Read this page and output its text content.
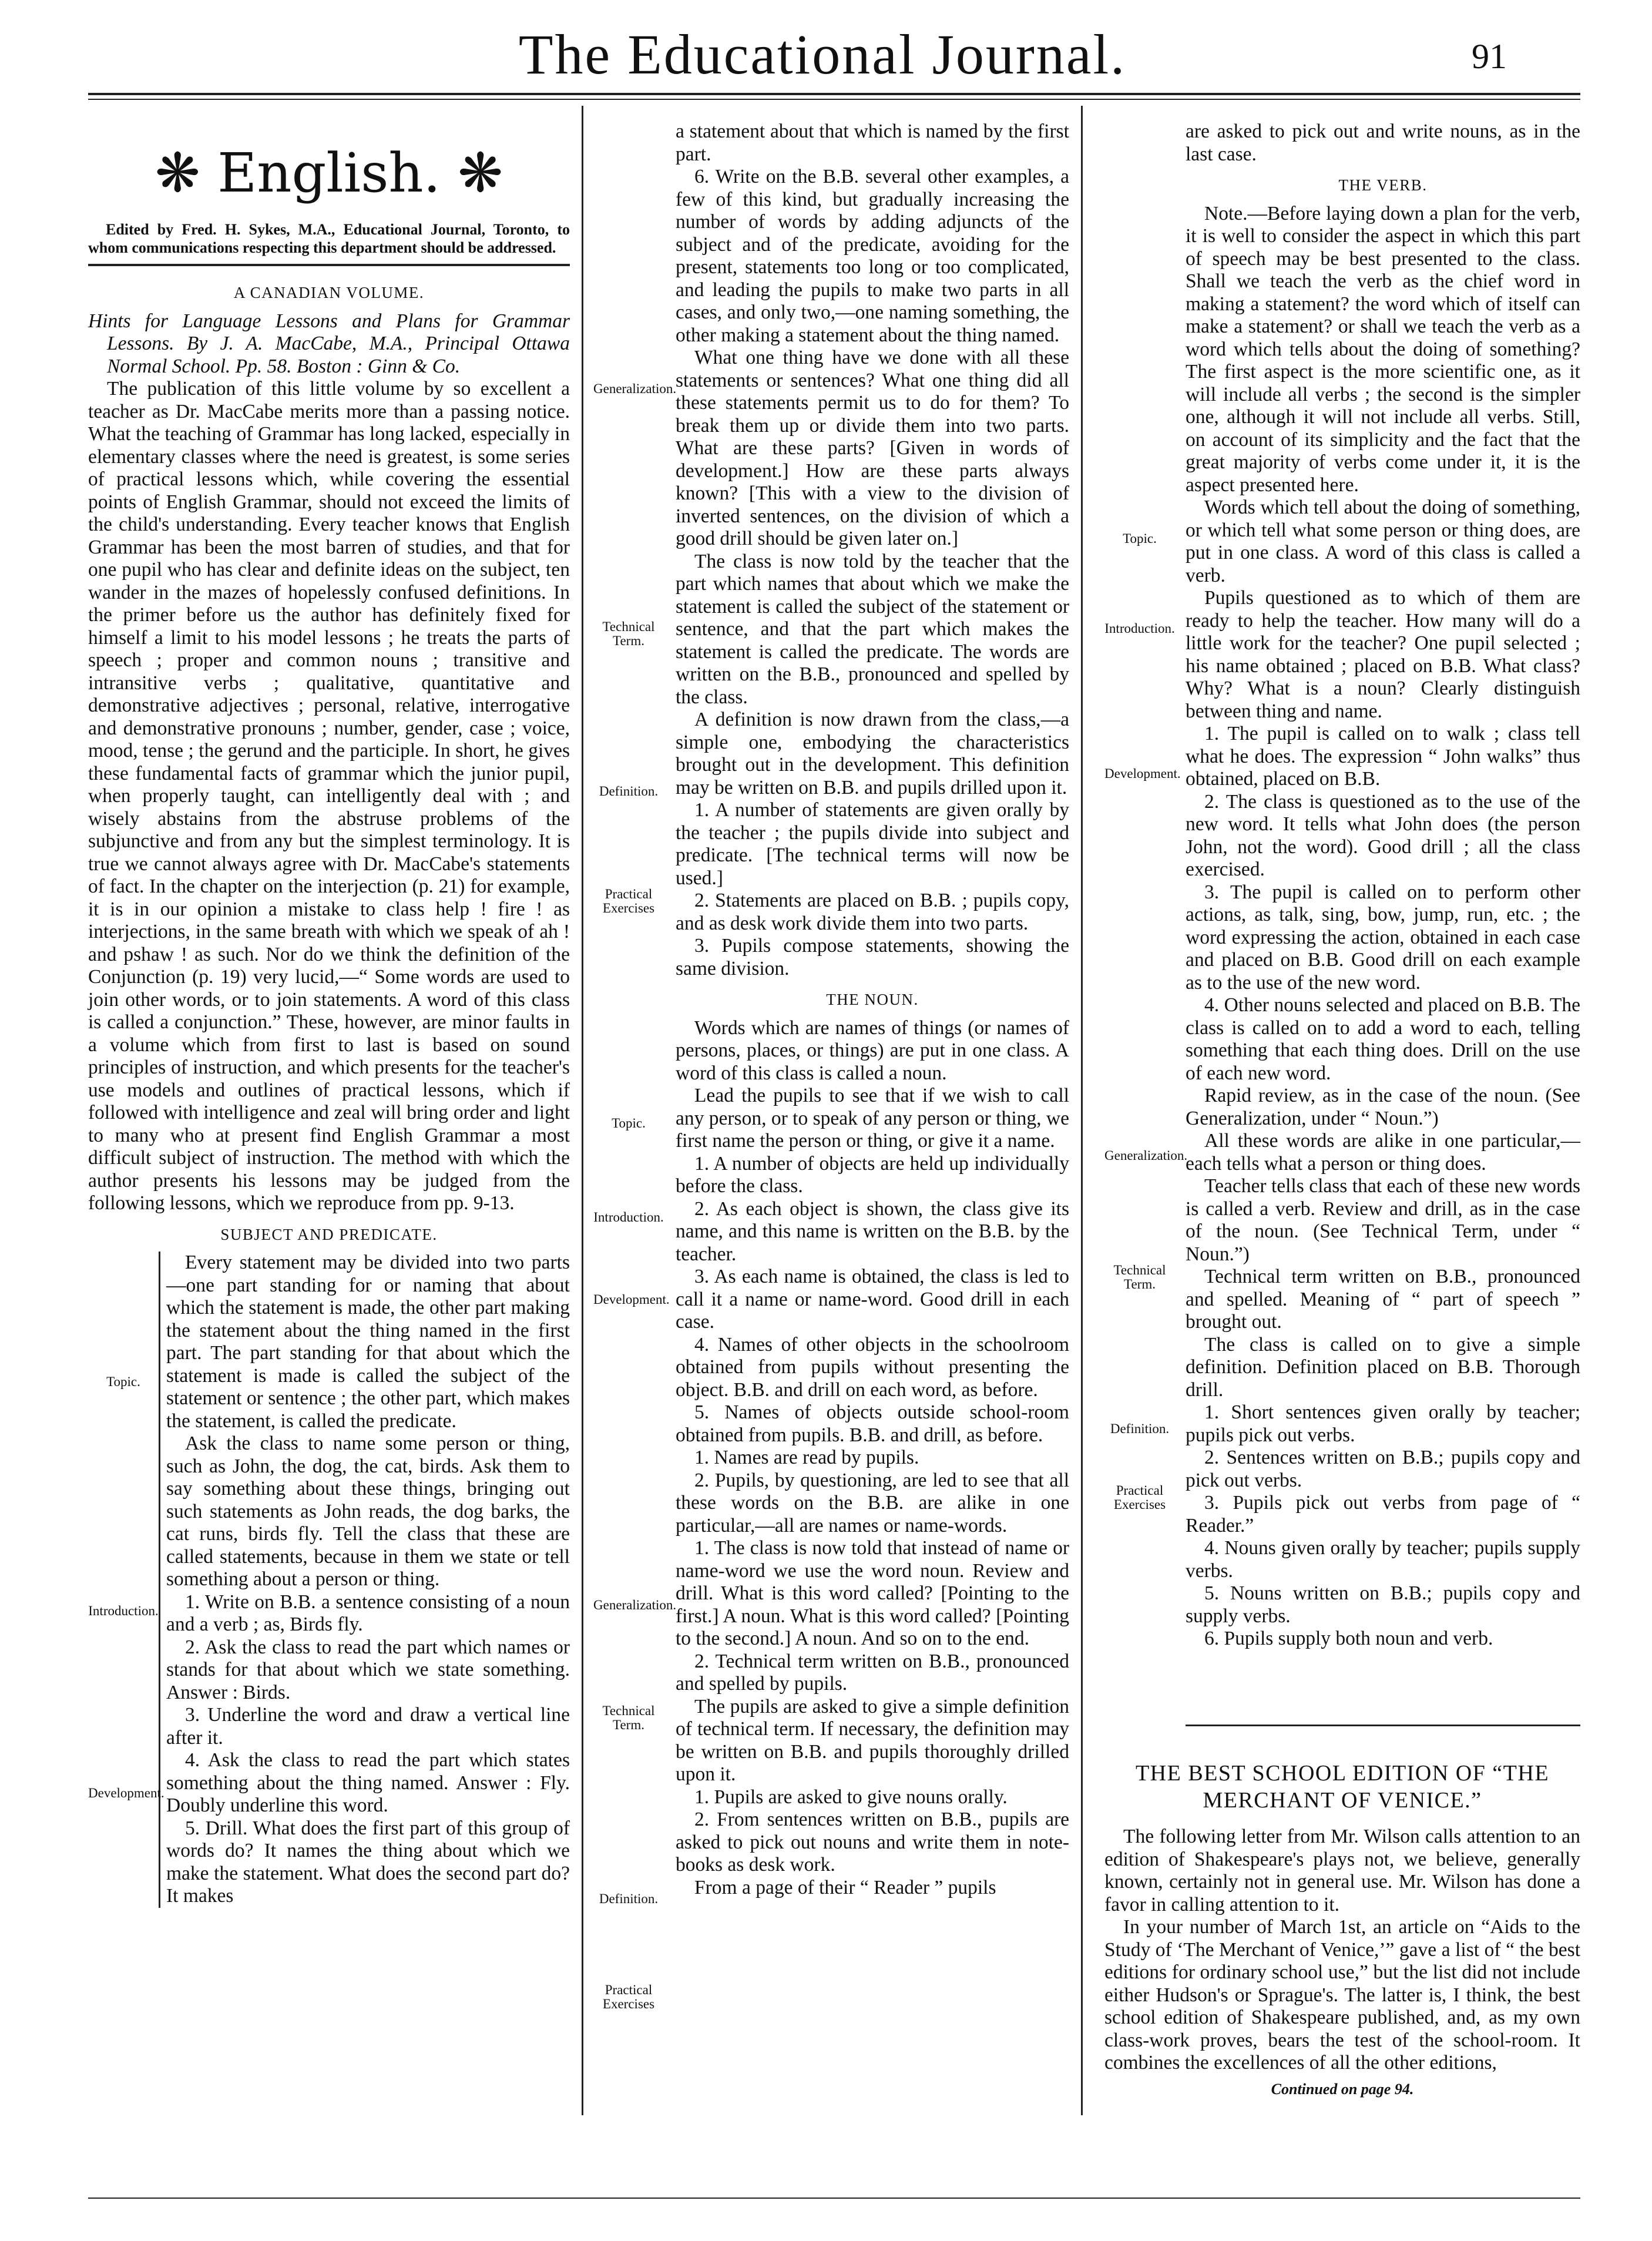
The Educational Journal.	91
❋ English. ❋

Edited by Fred. H. Sykes, M.A., Educational Journal, Toronto, to whom communications respecting this department should be addressed.

A CANADIAN VOLUME.

Hints for Language Lessons and Plans for Grammar Lessons. By J. A. MacCabe, M.A., Principal Ottawa Normal School. Pp. 58. Boston : Ginn & Co.

The publication of this little volume by so excellent a teacher as Dr. MacCabe merits more than a passing notice. What the teaching of Grammar has long lacked, especially in elementary classes where the need is greatest, is some series of practical lessons which, while covering the essential points of English Grammar, should not exceed the limits of the child's understanding. Every teacher knows that English Grammar has been the most barren of studies, and that for one pupil who has clear and definite ideas on the subject, ten wander in the mazes of hopelessly confused definitions. In the primer before us the author has definitely fixed for himself a limit to his model lessons ; he treats the parts of speech ; proper and common nouns ; transitive and intransitive verbs ; qualitative, quantitative and demonstrative adjectives ; personal, relative, interrogative and demonstrative pronouns ; number, gender, case ; voice, mood, tense ; the gerund and the participle. In short, he gives these fundamental facts of grammar which the junior pupil, when properly taught, can intelligently deal with ; and wisely abstains from the abstruse problems of the subjunctive and from any but the simplest terminology. It is true we cannot always agree with Dr. MacCabe's statements of fact. In the chapter on the interjection (p. 21) for example, it is in our opinion a mistake to class help ! fire ! as interjections, in the same breath with which we speak of ah ! and pshaw ! as such. Nor do we think the definition of the Conjunction (p. 19) very lucid,—“ Some words are used to join other words, or to join statements. A word of this class is called a conjunction.” These, however, are minor faults in a volume which from first to last is based on sound principles of instruction, and which presents for the teacher's use models and outlines of practical lessons, which if followed with intelligence and zeal will bring order and light to many who at present find English Grammar a most difficult subject of instruction. The method with which the author presents his lessons may be judged from the following lessons, which we reproduce from pp. 9-13.

SUBJECT AND PREDICATE.

Every statement may be divided into two parts—one part standing for or naming that about which the statement is made, the other part making the statement about the thing named in the first part. The part standing for that about which the statement is made is called the subject of the statement or sentence ; the other part, which makes the statement, is called the predicate.

Ask the class to name some person or thing, such as John, the dog, the cat, birds. Ask them to say something about these things, bringing out such statements as John reads, the dog barks, the cat runs, birds fly. Tell the class that these are called statements, because in them we state or tell something about a person or thing.

1. Write on B.B. a sentence consisting of a noun and a verb ; as, Birds fly.

2. Ask the class to read the part which names or stands for that about which we state something. Answer : Birds.

3. Underline the word and draw a vertical line after it.

4. Ask the class to read the part which states something about the thing named. Answer : Fly. Doubly underline this word.

5. Drill. What does the first part of this group of words do? It names the thing about which we make the statement. What does the second part do? It makes

Topic.
Introduction.
Development.

a statement about that which is named by the first part.

6. Write on the B.B. several other examples, a few of this kind, but gradually increasing the number of words by adding adjuncts of the subject and of the predicate, avoiding for the present, statements too long or too complicated, and leading the pupils to make two parts in all cases, and only two,—one naming something, the other making a statement about the thing named.

What one thing have we done with all these statements or sentences? What one thing did all these statements permit us to do for them? To break them up or divide them into two parts. What are these parts? [Given in words of development.] How are these parts always known? [This with a view to the division of inverted sentences, on the division of which a good drill should be given later on.]

The class is now told by the teacher that the part which names that about which we make the statement is called the subject of the statement or sentence, and that the part which makes the statement is called the predicate. The words are written on the B.B., pronounced and spelled by the class.

A definition is now drawn from the class,—a simple one, embodying the characteristics brought out in the development. This definition may be written on B.B. and pupils drilled upon it.

1. A number of statements are given orally by the teacher ; the pupils divide into subject and predicate. [The technical terms will now be used.]

2. Statements are placed on B.B. ; pupils copy, and as desk work divide them into two parts.

3. Pupils compose statements, showing the same division.

THE NOUN.

Words which are names of things (or names of persons, places, or things) are put in one class. A word of this class is called a noun.

Lead the pupils to see that if we wish to call any person, or to speak of any person or thing, we first name the person or thing, or give it a name.

1. A number of objects are held up individually before the class.

2. As each object is shown, the class give its name, and this name is written on the B.B. by the teacher.

3. As each name is obtained, the class is led to call it a name or name-word. Good drill in each case.

4. Names of other objects in the schoolroom obtained from pupils without presenting the object. B.B. and drill on each word, as before.

5. Names of objects outside school-room obtained from pupils. B.B. and drill, as before.

1. Names are read by pupils.

2. Pupils, by questioning, are led to see that all these words on the B.B. are alike in one particular,—all are names or name-words.

1. The class is now told that instead of name or name-word we use the word noun. Review and drill. What is this word called? [Pointing to the first.] A noun. What is this word called? [Pointing to the second.] A noun. And so on to the end.

2. Technical term written on B.B., pronounced and spelled by pupils.

The pupils are asked to give a simple definition of technical term. If necessary, the definition may be written on B.B. and pupils thoroughly drilled upon it.

1. Pupils are asked to give nouns orally.

2. From sentences written on B.B., pupils are asked to pick out nouns and write them in note-books as desk work.

From a page of their “ Reader ” pupils

Generalization.
Technical Term.
Definition.
Practical Exercises
Topic.
Introduction.
Development.
Generalization.
Technical Term.
Definition.
Practical Exercises

are asked to pick out and write nouns, as in the last case.

THE VERB.

Note.—Before laying down a plan for the verb, it is well to consider the aspect in which this part of speech may be best presented to the class. Shall we teach the verb as the chief word in making a statement? the word which of itself can make a statement? or shall we teach the verb as a word which tells about the doing of something? The first aspect is the more scientific one, as it will include all verbs ; the second is the simpler one, although it will not include all verbs. Still, on account of its simplicity and the fact that the great majority of verbs come under it, it is the aspect presented here.

Words which tell about the doing of something, or which tell what some person or thing does, are put in one class. A word of this class is called a verb.

Pupils questioned as to which of them are ready to help the teacher. How many will do a little work for the teacher? One pupil selected ; his name obtained ; placed on B.B. What class? Why? What is a noun? Clearly distinguish between thing and name.

1. The pupil is called on to walk ; class tell what he does. The expression “ John walks” thus obtained, placed on B.B.

2. The class is questioned as to the use of the new word. It tells what John does (the person John, not the word). Good drill ; all the class exercised.

3. The pupil is called on to perform other actions, as talk, sing, bow, jump, run, etc. ; the word expressing the action, obtained in each case and placed on B.B. Good drill on each example as to the use of the new word.

4. Other nouns selected and placed on B.B. The class is called on to add a word to each, telling something that each thing does. Drill on the use of each new word.

Rapid review, as in the case of the noun. (See Generalization, under “ Noun.”)

All these words are alike in one particular,—each tells what a person or thing does.

Teacher tells class that each of these new words is called a verb. Review and drill, as in the case of the noun. (See Technical Term, under “ Noun.”)

Technical term written on B.B., pronounced and spelled. Meaning of “ part of speech ” brought out.

The class is called on to give a simple definition. Definition placed on B.B. Thorough drill.

1. Short sentences given orally by teacher; pupils pick out verbs.

2. Sentences written on B.B.; pupils copy and pick out verbs.

3. Pupils pick out verbs from page of “ Reader.”

4. Nouns given orally by teacher; pupils supply verbs.

5. Nouns written on B.B.; pupils copy and supply verbs.

6. Pupils supply both noun and verb.

Topic.
Introduction.
Development.
Generalization.
Technical Term.
Definition.
Practical Exercises
THE BEST SCHOOL EDITION OF “THE MERCHANT OF VENICE.”

The following letter from Mr. Wilson calls attention to an edition of Shakespeare's plays not, we believe, generally known, certainly not in general use. Mr. Wilson has done a favor in calling attention to it.

In your number of March 1st, an article on “Aids to the Study of ‘The Merchant of Venice,’” gave a list of “ the best editions for ordinary school use,” but the list did not include either Hudson's or Sprague's. The latter is, I think, the best school edition of Shakespeare published, and, as my own class-work proves, bears the test of the school-room. It combines the excellences of all the other editions,

Continued on page 94.
